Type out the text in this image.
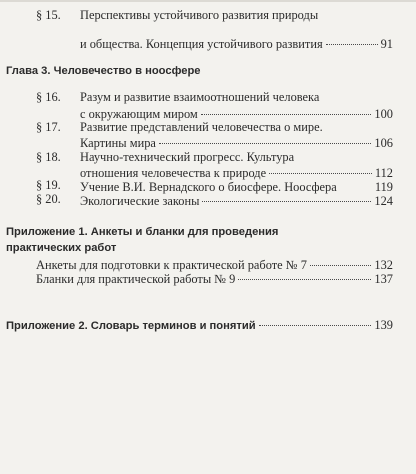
§ 15. Перспективы устойчивого развития природы
и общества. Концепция устойчивого развития	91
Глава 3. Человечество в ноосфере
§ 16. Разум и развитие взаимоотношений человека
с окружающим миром	100
§ 17. Развитие представлений человечества о мире.
Картины мира	106
§ 18. Научно-технический прогресс. Культура
отношения человечества к природе	112
§ 19. Учение В.И. Вернадского о биосфере. Ноосфера	119
§ 20. Экологические законы	124
Приложение 1. Анкеты и бланки для проведения
практических работ
Анкеты для подготовки к практической работе № 7	132
Бланки для практической работы № 9	137
Приложение 2. Словарь терминов и понятий	139
